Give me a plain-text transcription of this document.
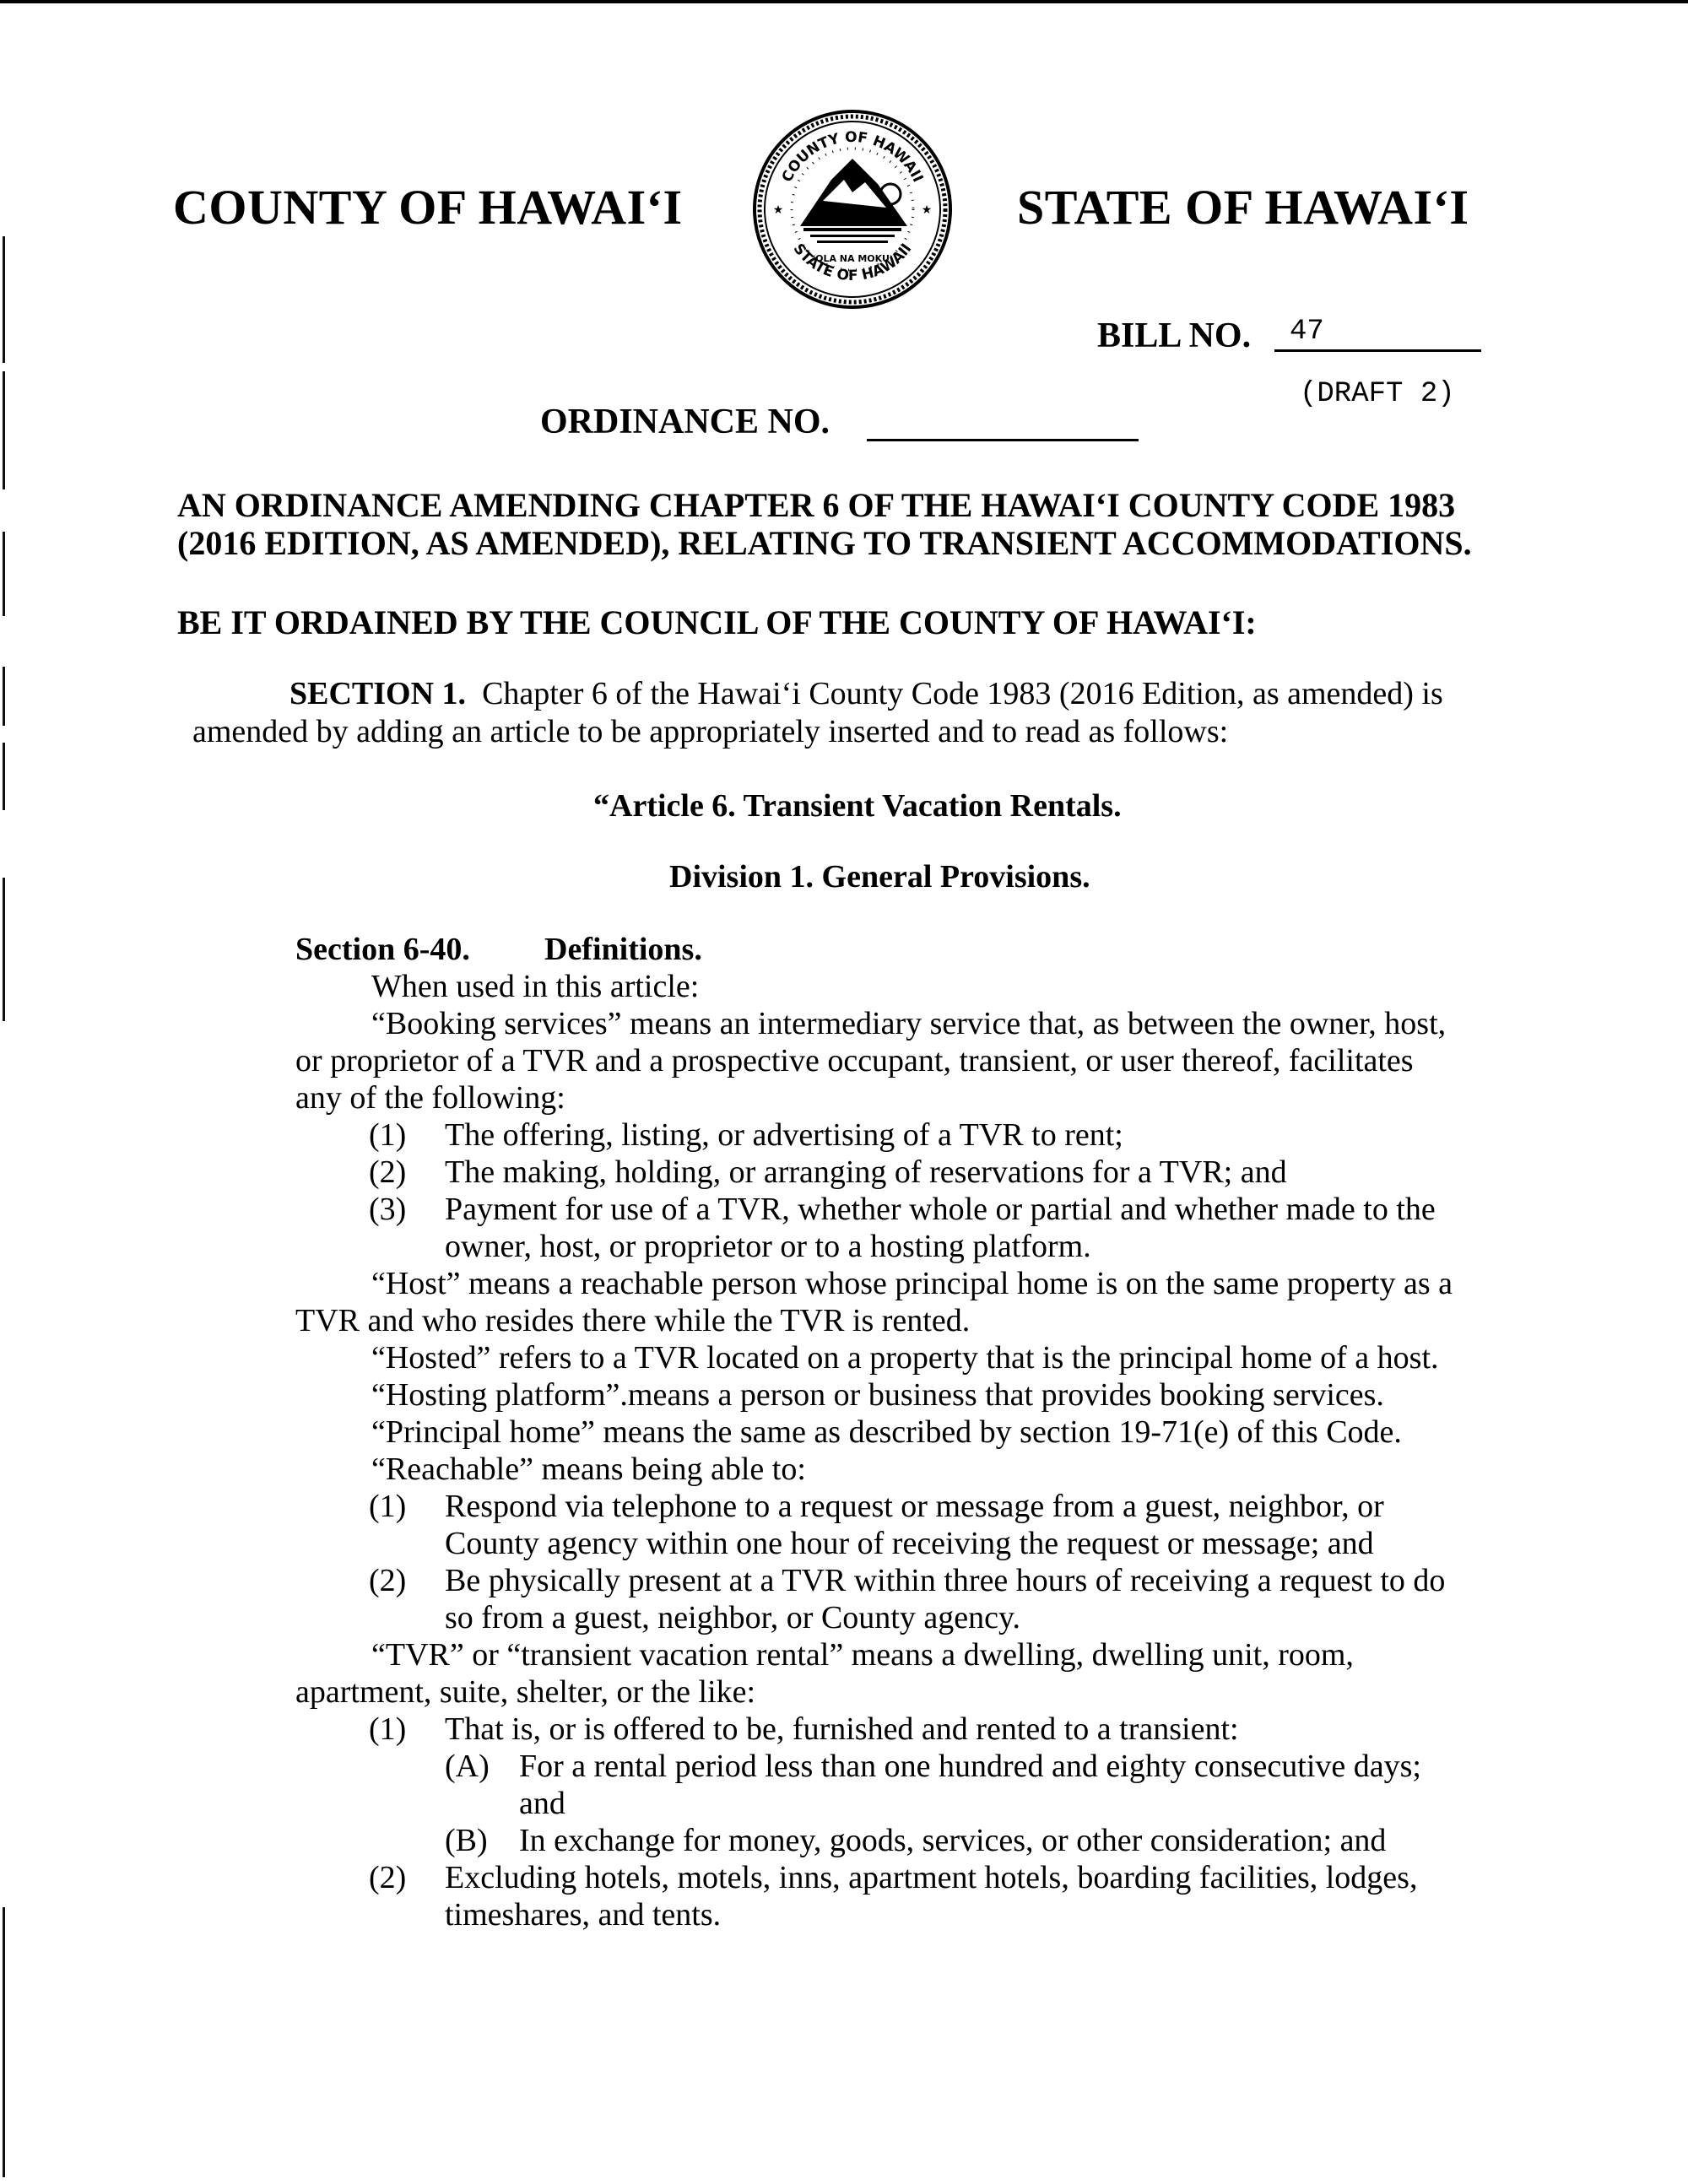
COUNTY OF HAWAI‘I	STATE OF HAWAI‘I
COUNTY OF HAWAII
STATE OF HAWAII
OLA NA MOKU
★	★
BILL NO. 47
(DRAFT 2)
ORDINANCE NO.
AN ORDINANCE AMENDING CHAPTER 6 OF THE HAWAI‘I COUNTY CODE 1983
(2016 EDITION, AS AMENDED), RELATING TO TRANSIENT ACCOMMODATIONS.
BE IT ORDAINED BY THE COUNCIL OF THE COUNTY OF HAWAI‘I:
SECTION 1. Chapter 6 of the Hawai‘i County Code 1983 (2016 Edition, as amended) is
amended by adding an article to be appropriately inserted and to read as follows:
“Article 6. Transient Vacation Rentals.
Division 1. General Provisions.
Section 6-40. Definitions.
When used in this article:
“Booking services” means an intermediary service that, as between the owner, host,
or proprietor of a TVR and a prospective occupant, transient, or user thereof, facilitates
any of the following:
(1) The offering, listing, or advertising of a TVR to rent;
(2) The making, holding, or arranging of reservations for a TVR; and
(3) Payment for use of a TVR, whether whole or partial and whether made to the
owner, host, or proprietor or to a hosting platform.
“Host” means a reachable person whose principal home is on the same property as a
TVR and who resides there while the TVR is rented.
“Hosted” refers to a TVR located on a property that is the principal home of a host.
“Hosting platform”.means a person or business that provides booking services.
“Principal home” means the same as described by section 19-71(e) of this Code.
“Reachable” means being able to:
(1) Respond via telephone to a request or message from a guest, neighbor, or
County agency within one hour of receiving the request or message; and
(2) Be physically present at a TVR within three hours of receiving a request to do
so from a guest, neighbor, or County agency.
“TVR” or “transient vacation rental” means a dwelling, dwelling unit, room,
apartment, suite, shelter, or the like:
(1) That is, or is offered to be, furnished and rented to a transient:
(A) For a rental period less than one hundred and eighty consecutive days;
and
(B) In exchange for money, goods, services, or other consideration; and
(2) Excluding hotels, motels, inns, apartment hotels, boarding facilities, lodges,
timeshares, and tents.
